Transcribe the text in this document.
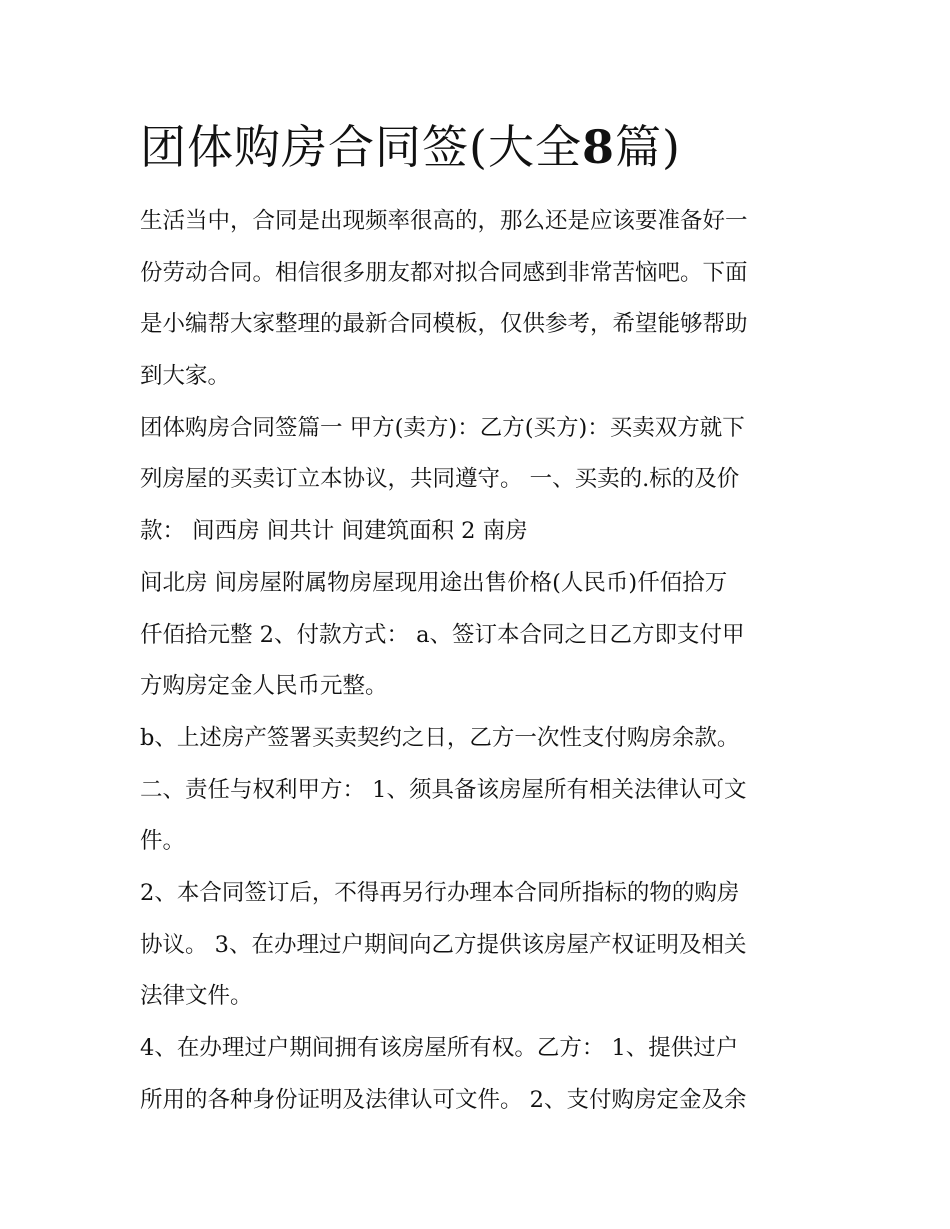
团体购房合同签(大全8篇)
生活当中，合同是出现频率很高的，那么还是应该要准备好一
份劳动合同。相信很多朋友都对拟合同感到非常苦恼吧。下面
是小编帮大家整理的最新合同模板，仅供参考，希望能够帮助
到大家。
团体购房合同签篇一 甲方(卖方)：乙方(买方)：买卖双方就下
列房屋的买卖订立本协议，共同遵守。 一、买卖的.标的及价
款： 间西房 间共计 间建筑面积 2 南房
间北房 间房屋附属物房屋现用途出售价格(人民币)仟佰拾万
仟佰拾元整 2、付款方式： a、签订本合同之日乙方即支付甲
方购房定金人民币元整。
b、上述房产签署买卖契约之日，乙方一次性支付购房余款。
二、责任与权利甲方： 1、须具备该房屋所有相关法律认可文
件。
2、本合同签订后，不得再另行办理本合同所指标的物的购房
协议。 3、在办理过户期间向乙方提供该房屋产权证明及相关
法律文件。
4、在办理过户期间拥有该房屋所有权。乙方： 1、提供过户
所用的各种身份证明及法律认可文件。 2、支付购房定金及余
